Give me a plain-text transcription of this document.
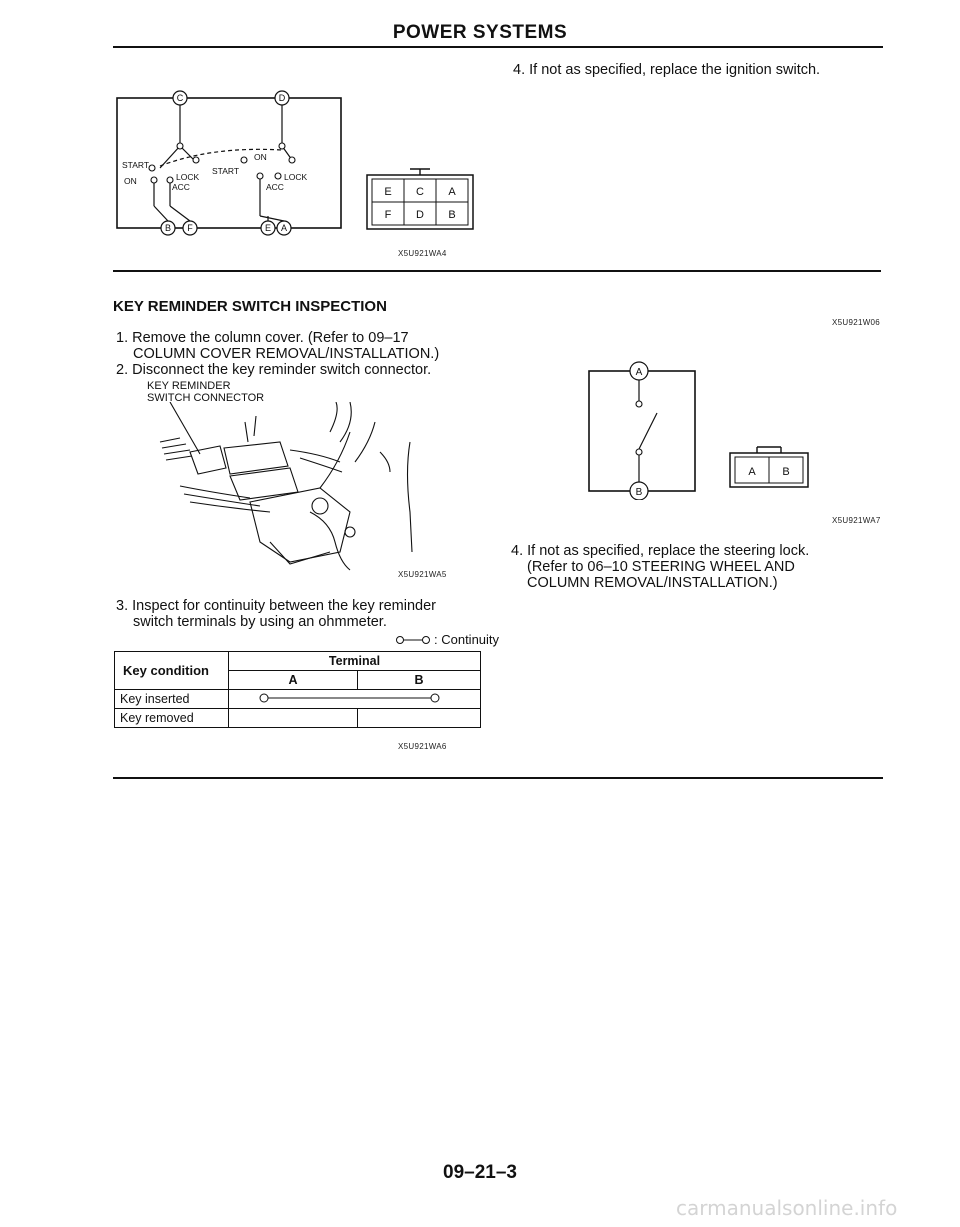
POWER SYSTEMS
C	D
B F	E A
START
ON	LOCK
ACC
START
ON
LOCK
ACC	E C A
F D B
X5U921WA4
4. If not as specified, replace the ignition switch.
KEY REMINDER SWITCH INSPECTION
1. Remove the column cover. (Refer to 09–17
COLUMN COVER REMOVAL/INSTALLATION.)
2. Disconnect the key reminder switch connector.
KEY REMINDER
SWITCH CONNECTOR
X5U921WA5
3. Inspect for continuity between the key reminder
switch terminals by using an ohmmeter.
: Continuity
Key condition	Terminal	
	A	B
Key inserted	
Key removed		
X5U921WA6
X5U921W06
A
B
A B
X5U921WA7
4. If not as specified, replace the steering lock.
(Refer to 06–10 STEERING WHEEL AND
COLUMN REMOVAL/INSTALLATION.)
09–21–3
carmanualsonline.info
